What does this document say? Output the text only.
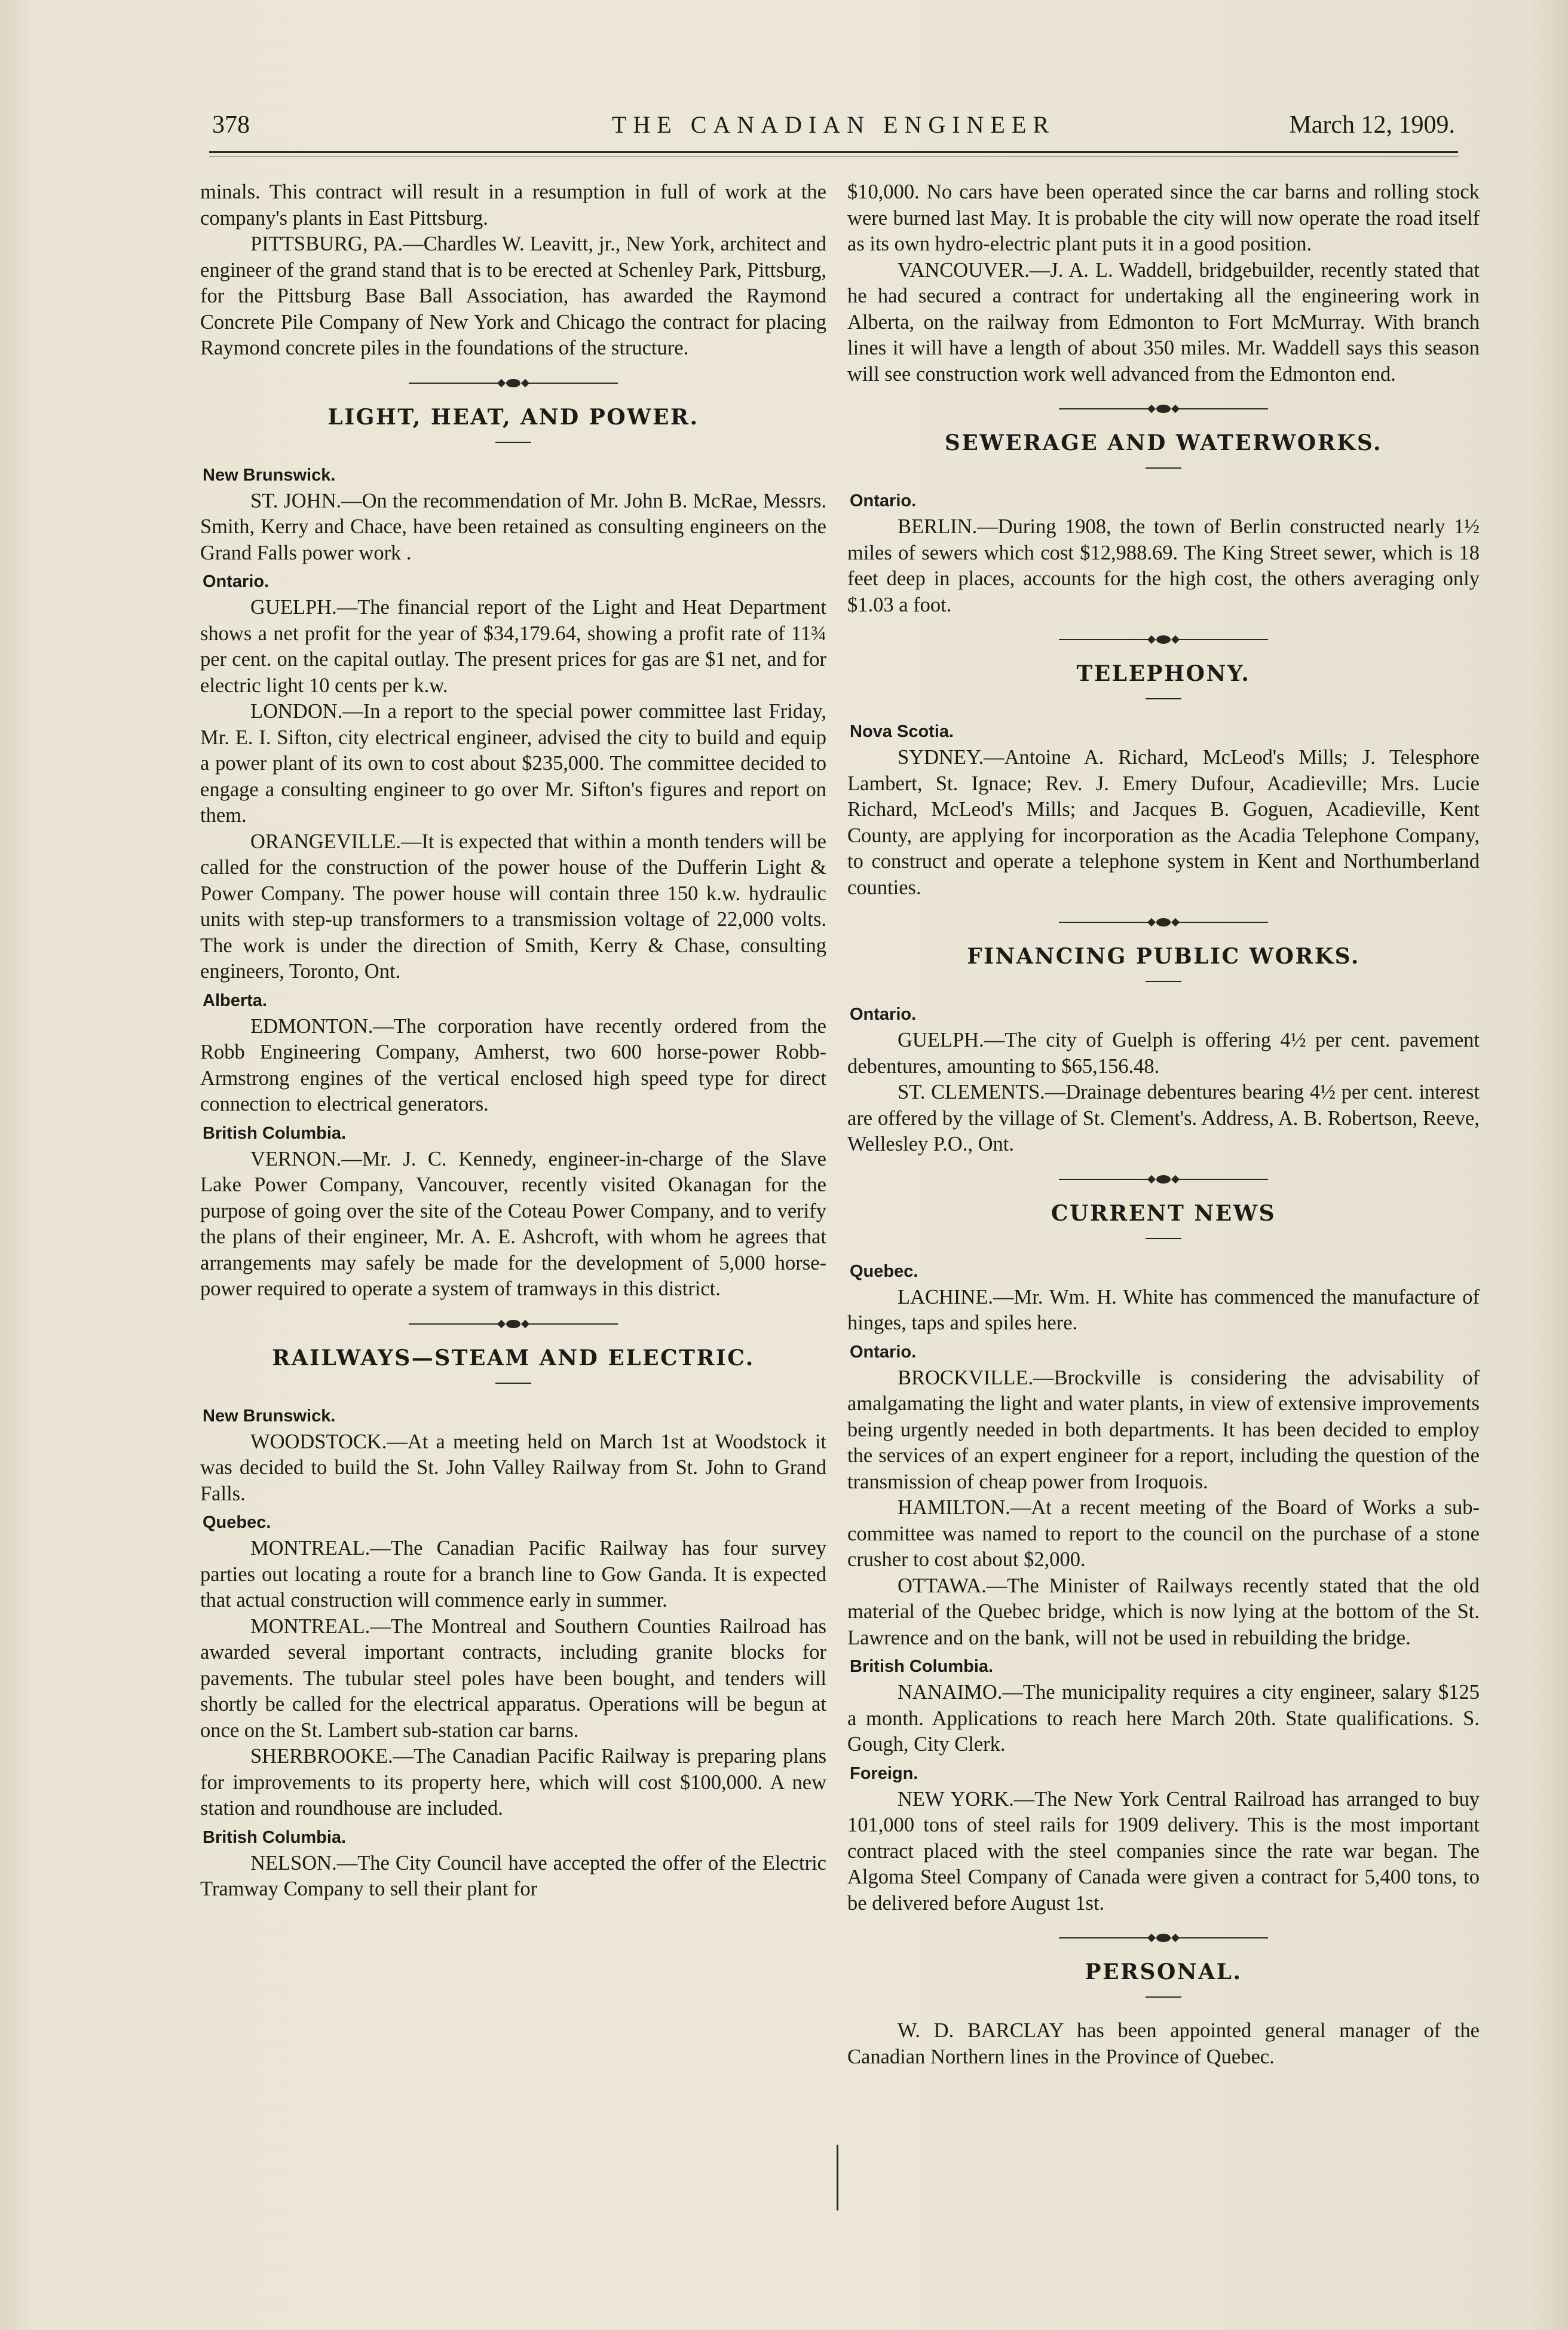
378	THE CANADIAN ENGINEER	March 12, 1909.

minals. This contract will result in a resumption in full of work at the company's plants in East Pittsburg.

PITTSBURG, PA.—Chardles W. Leavitt, jr., New York, architect and engineer of the grand stand that is to be erected at Schenley Park, Pittsburg, for the Pittsburg Base Ball Association, has awarded the Raymond Concrete Pile Company of New York and Chicago the contract for placing Raymond concrete piles in the foundations of the structure.

LIGHT, HEAT, AND POWER.
New Brunswick.

ST. JOHN.—On the recommendation of Mr. John B. McRae, Messrs. Smith, Kerry and Chace, have been retained as consulting engineers on the Grand Falls power work .

Ontario.

GUELPH.—The financial report of the Light and Heat Department shows a net profit for the year of $34,179.64, showing a profit rate of 11¾ per cent. on the capital outlay. The present prices for gas are $1 net, and for electric light 10 cents per k.w.

LONDON.—In a report to the special power committee last Friday, Mr. E. I. Sifton, city electrical engineer, advised the city to build and equip a power plant of its own to cost about $235,000. The committee decided to engage a consulting engineer to go over Mr. Sifton's figures and report on them.

ORANGEVILLE.—It is expected that within a month tenders will be called for the construction of the power house of the Dufferin Light & Power Company. The power house will contain three 150 k.w. hydraulic units with step-up transformers to a transmission voltage of 22,000 volts. The work is under the direction of Smith, Kerry & Chase, consulting engineers, Toronto, Ont.

Alberta.

EDMONTON.—The corporation have recently ordered from the Robb Engineering Company, Amherst, two 600 horse-power Robb-Armstrong engines of the vertical enclosed high speed type for direct connection to electrical generators.

British Columbia.

VERNON.—Mr. J. C. Kennedy, engineer-in-charge of the Slave Lake Power Company, Vancouver, recently visited Okanagan for the purpose of going over the site of the Coteau Power Company, and to verify the plans of their engineer, Mr. A. E. Ashcroft, with whom he agrees that arrangements may safely be made for the development of 5,000 horse-power required to operate a system of tramways in this district.

RAILWAYS—STEAM AND ELECTRIC.
New Brunswick.

WOODSTOCK.—At a meeting held on March 1st at Woodstock it was decided to build the St. John Valley Railway from St. John to Grand Falls.

Quebec.

MONTREAL.—The Canadian Pacific Railway has four survey parties out locating a route for a branch line to Gow Ganda. It is expected that actual construction will commence early in summer.

MONTREAL.—The Montreal and Southern Counties Railroad has awarded several important contracts, including granite blocks for pavements. The tubular steel poles have been bought, and tenders will shortly be called for the electrical apparatus. Operations will be begun at once on the St. Lambert sub-station car barns.

SHERBROOKE.—The Canadian Pacific Railway is preparing plans for improvements to its property here, which will cost $100,000. A new station and roundhouse are included.

British Columbia.

NELSON.—The City Council have accepted the offer of the Electric Tramway Company to sell their plant for

$10,000. No cars have been operated since the car barns and rolling stock were burned last May. It is probable the city will now operate the road itself as its own hydro-electric plant puts it in a good position.

VANCOUVER.—J. A. L. Waddell, bridgebuilder, recently stated that he had secured a contract for undertaking all the engineering work in Alberta, on the railway from Edmonton to Fort McMurray. With branch lines it will have a length of about 350 miles. Mr. Waddell says this season will see construction work well advanced from the Edmonton end.

SEWERAGE AND WATERWORKS.
Ontario.

BERLIN.—During 1908, the town of Berlin constructed nearly 1½ miles of sewers which cost $12,988.69. The King Street sewer, which is 18 feet deep in places, accounts for the high cost, the others averaging only $1.03 a foot.

TELEPHONY.
Nova Scotia.

SYDNEY.—Antoine A. Richard, McLeod's Mills; J. Telesphore Lambert, St. Ignace; Rev. J. Emery Dufour, Acadieville; Mrs. Lucie Richard, McLeod's Mills; and Jacques B. Goguen, Acadieville, Kent County, are applying for incorporation as the Acadia Telephone Company, to construct and operate a telephone system in Kent and Northumberland counties.

FINANCING PUBLIC WORKS.
Ontario.

GUELPH.—The city of Guelph is offering 4½ per cent. pavement debentures, amounting to $65,156.48.

ST. CLEMENTS.—Drainage debentures bearing 4½ per cent. interest are offered by the village of St. Clement's. Address, A. B. Robertson, Reeve, Wellesley P.O., Ont.

CURRENT NEWS
Quebec.

LACHINE.—Mr. Wm. H. White has commenced the manufacture of hinges, taps and spiles here.

Ontario.

BROCKVILLE.—Brockville is considering the advisability of amalgamating the light and water plants, in view of extensive improvements being urgently needed in both departments. It has been decided to employ the services of an expert engineer for a report, including the question of the transmission of cheap power from Iroquois.

HAMILTON.—At a recent meeting of the Board of Works a sub-committee was named to report to the council on the purchase of a stone crusher to cost about $2,000.

OTTAWA.—The Minister of Railways recently stated that the old material of the Quebec bridge, which is now lying at the bottom of the St. Lawrence and on the bank, will not be used in rebuilding the bridge.

British Columbia.

NANAIMO.—The municipality requires a city engineer, salary $125 a month. Applications to reach here March 20th. State qualifications. S. Gough, City Clerk.

Foreign.

NEW YORK.—The New York Central Railroad has arranged to buy 101,000 tons of steel rails for 1909 delivery. This is the most important contract placed with the steel companies since the rate war began. The Algoma Steel Company of Canada were given a contract for 5,400 tons, to be delivered before August 1st.

PERSONAL.

W. D. BARCLAY has been appointed general manager of the Canadian Northern lines in the Province of Quebec.
